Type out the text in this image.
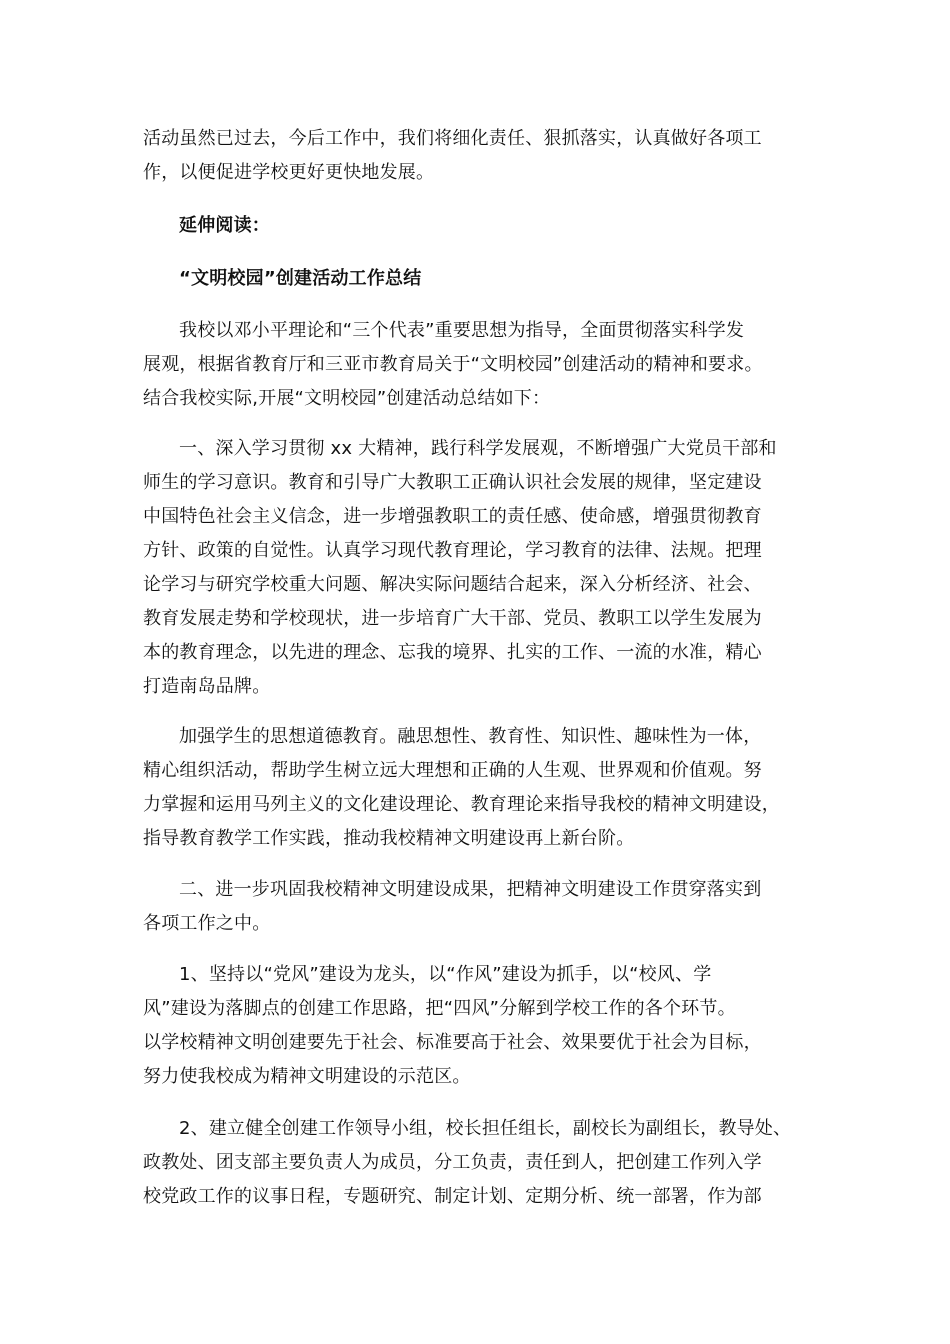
活动虽然已过去，今后工作中，我们将细化责任、狠抓落实，认真做好各项工
作，以便促进学校更好更快地发展。

延伸阅读：

“文明校园”创建活动工作总结

我校以邓小平理论和“三个代表”重要思想为指导，全面贯彻落实科学发
展观，根据省教育厅和三亚市教育局关于“文明校园”创建活动的精神和要求。
结合我校实际,开展“文明校园”创建活动总结如下：

一、深入学习贯彻 xx 大精神，践行科学发展观，不断增强广大党员干部和
师生的学习意识。教育和引导广大教职工正确认识社会发展的规律，坚定建设
中国特色社会主义信念，进一步增强教职工的责任感、使命感，增强贯彻教育
方针、政策的自觉性。认真学习现代教育理论，学习教育的法律、法规。把理
论学习与研究学校重大问题、解决实际问题结合起来，深入分析经济、社会、
教育发展走势和学校现状，进一步培育广大干部、党员、教职工以学生发展为
本的教育理念，以先进的理念、忘我的境界、扎实的工作、一流的水准，精心
打造南岛品牌。

加强学生的思想道德教育。融思想性、教育性、知识性、趣味性为一体，
精心组织活动，帮助学生树立远大理想和正确的人生观、世界观和价值观。努
力掌握和运用马列主义的文化建设理论、教育理论来指导我校的精神文明建设，
指导教育教学工作实践，推动我校精神文明建设再上新台阶。

二、进一步巩固我校精神文明建设成果，把精神文明建设工作贯穿落实到
各项工作之中。

1、坚持以“党风”建设为龙头，以“作风”建设为抓手，以“校风、学
风”建设为落脚点的创建工作思路，把“四风”分解到学校工作的各个环节。
以学校精神文明创建要先于社会、标准要高于社会、效果要优于社会为目标，
努力使我校成为精神文明建设的示范区。

2、建立健全创建工作领导小组，校长担任组长，副校长为副组长，教导处、
政教处、团支部主要负责人为成员，分工负责，责任到人，把创建工作列入学
校党政工作的议事日程，专题研究、制定计划、定期分析、统一部署，作为部
